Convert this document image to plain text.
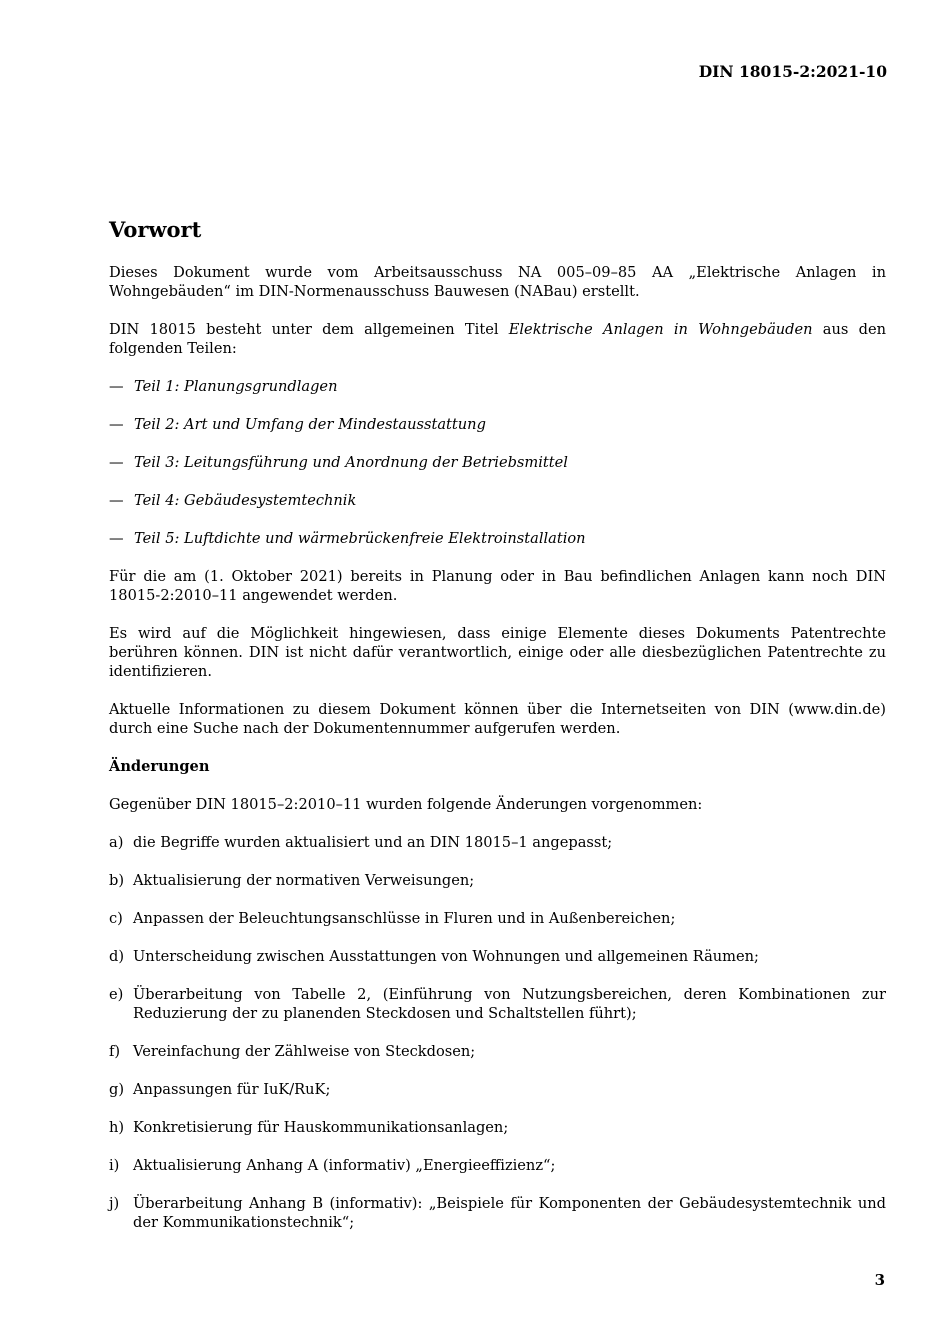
DIN 18015-2:2021-10
Vorwort

Dieses Dokument wurde vom Arbeitsausschuss NA 005–09–85 AA „Elektrische Anlagen in Wohngebäuden“ im DIN-Normenausschuss Bauwesen (NABau) erstellt.

DIN 18015 besteht unter dem allgemeinen Titel Elektrische Anlagen in Wohngebäuden aus den folgenden Teilen:

— Teil 1: Planungsgrundlagen
— Teil 2: Art und Umfang der Mindestausstattung
— Teil 3: Leitungsführung und Anordnung der Betriebsmittel
— Teil 4: Gebäudesystemtechnik
— Teil 5: Luftdichte und wärmebrückenfreie Elektroinstallation

Für die am (1. Oktober 2021) bereits in Planung oder in Bau befindlichen Anlagen kann noch DIN 18015-2:2010–11 angewendet werden.

Es wird auf die Möglichkeit hingewiesen, dass einige Elemente dieses Dokuments Patentrechte berühren können. DIN ist nicht dafür verantwortlich, einige oder alle diesbezüglichen Patentrechte zu identifizieren.

Aktuelle Informationen zu diesem Dokument können über die Internetseiten von DIN (www.din.de) durch eine Suche nach der Dokumentennummer aufgerufen werden.

Änderungen

Gegenüber DIN 18015–2:2010–11 wurden folgende Änderungen vorgenommen:

a) die Begriffe wurden aktualisiert und an DIN 18015–1 angepasst;
b) Aktualisierung der normativen Verweisungen;
c) Anpassen der Beleuchtungsanschlüsse in Fluren und in Außenbereichen;
d) Unterscheidung zwischen Ausstattungen von Wohnungen und allgemeinen Räumen;
e) Überarbeitung von Tabelle 2, (Einführung von Nutzungsbereichen, deren Kombinationen zur Reduzierung der zu planenden Steckdosen und Schaltstellen führt);
f) Vereinfachung der Zählweise von Steckdosen;
g) Anpassungen für IuK/RuK;
h) Konkretisierung für Hauskommunikationsanlagen;
i) Aktualisierung Anhang A (informativ) „Energieeffizienz“;
j) Überarbeitung Anhang B (informativ): „Beispiele für Komponenten der Gebäudesystemtechnik und der Kommunikationstechnik“;
3
